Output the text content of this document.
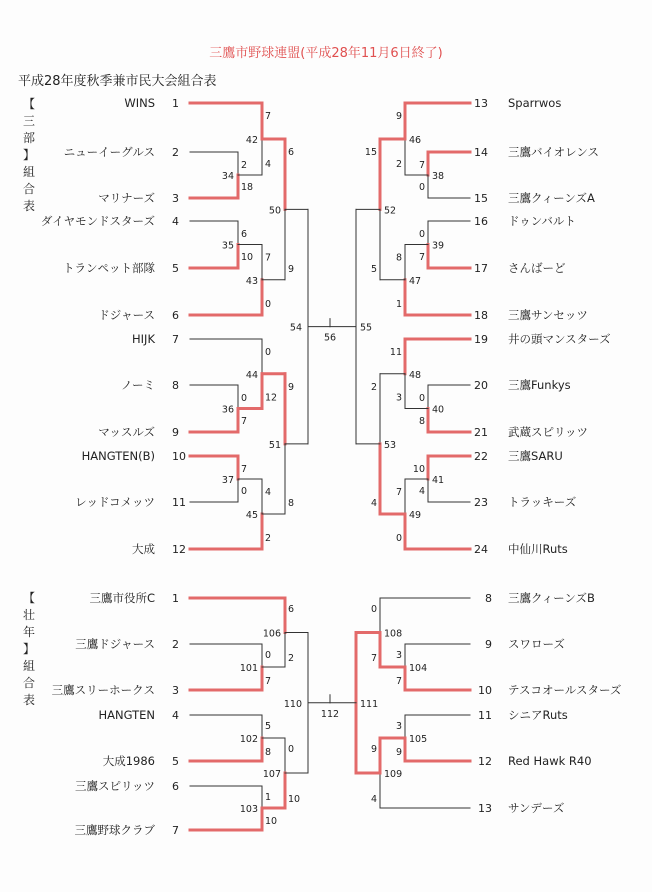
三鷹市野球連盟(平成28年11月6日終了)
平成28年度秋季兼市民大会組合表
【
三
部
】
組
合
表
【
壮
年
】
組
合
表
WINS 1
ニューイーグルス 2
マリナーズ 3
ダイヤモンドスターズ 4
トランペット部隊 5
ドジャース 6
HIJK 7
ノーミ 8
マッスルズ 9
HANGTEN(B) 10
レッドコメッツ 11
大成 12
13 Sparrwos
14 三鷹バイオレンス
15 三鷹クィーンズA
16 ドゥンバルト
17 さんばーど
18 三鷹サンセッツ
19 井の頭マンスターズ
20 三鷹Funkys
21 武蔵スピリッツ
22 三鷹SARU
23 トラッキーズ
24 中仙川Ruts
34
2
18
42
7
4
35
6
10
43
0
7
36
0
7
44
0
12
37
7
0
45
2
4
50
6
9
51
9
8
54
38
7
0
46
9
2
39
0
7
47
1
8
40
0
8
48
11
3
41
10
4
49
0
7
52
15
5
53
2
4
55
56
三鷹市役所C 1
三鷹ドジャース 2
三鷹スリーホークス 3
HANGTEN 4
大成1986 5
三鷹スピリッツ 6
三鷹野球クラブ 7
8 三鷹クィーンズB
9 スワローズ
10 テスコオールスターズ
11 シニアRuts
12 Red Hawk R40
13 サンデーズ
101
0
7
106
6
2
102
5
8
103
1
10
107
0
10
110
104
3
7
108
0
7
105
3
9
109
9
4
111
112
